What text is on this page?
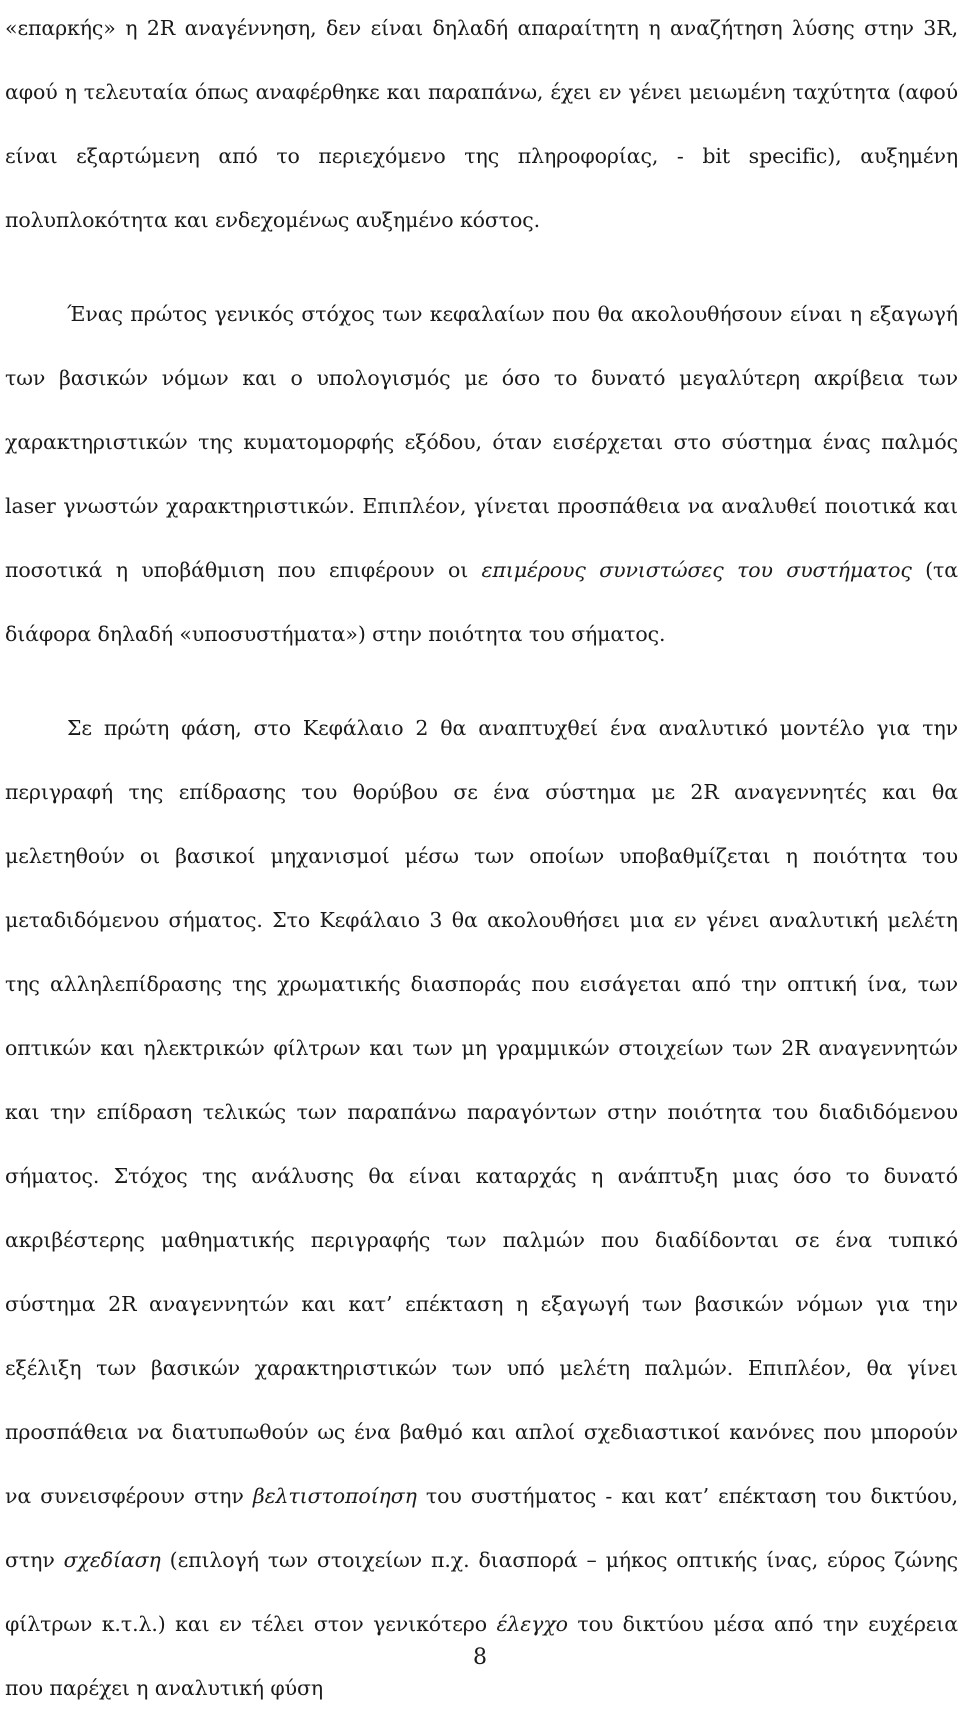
«επαρκής» η 2R αναγέννηση, δεν είναι δηλαδή απαραίτητη η αναζήτηση λύσης στην 3R, αφού η τελευταία όπως αναφέρθηκε και παραπάνω, έχει εν γένει μειωμένη ταχύτητα (αφού είναι εξαρτώμενη από το περιεχόμενο της πληροφορίας, - bit specific), αυξημένη πολυπλοκότητα και ενδεχομένως αυξημένο κόστος.

Ένας πρώτος γενικός στόχος των κεφαλαίων που θα ακολουθήσουν είναι η εξαγωγή των βασικών νόμων και ο υπολογισμός με όσο το δυνατό μεγαλύτερη ακρίβεια των χαρακτηριστικών της κυματομορφής εξόδου, όταν εισέρχεται στο σύστημα ένας παλμός laser γνωστών χαρακτηριστικών. Επιπλέον, γίνεται προσπάθεια να αναλυθεί ποιοτικά και ποσοτικά η υποβάθμιση που επιφέρουν οι επιμέρους συνιστώσες του συστήματος (τα διάφορα δηλαδή «υποσυστήματα») στην ποιότητα του σήματος.

Σε πρώτη φάση, στο Κεφάλαιο 2 θα αναπτυχθεί ένα αναλυτικό μοντέλο για την περιγραφή της επίδρασης του θορύβου σε ένα σύστημα με 2R αναγεννητές και θα μελετηθούν οι βασικοί μηχανισμοί μέσω των οποίων υποβαθμίζεται η ποιότητα του μεταδιδόμενου σήματος. Στο Κεφάλαιο 3 θα ακολουθήσει μια εν γένει αναλυτική μελέτη της αλληλεπίδρασης της χρωματικής διασποράς που εισάγεται από την οπτική ίνα, των οπτικών και ηλεκτρικών φίλτρων και των μη γραμμικών στοιχείων των 2R αναγεννητών και την επίδραση τελικώς των παραπάνω παραγόντων στην ποιότητα του διαδιδόμενου σήματος. Στόχος της ανάλυσης θα είναι καταρχάς η ανάπτυξη μιας όσο το δυνατό ακριβέστερης μαθηματικής περιγραφής των παλμών που διαδίδονται σε ένα τυπικό σύστημα 2R αναγεννητών και κατ’ επέκταση η εξαγωγή των βασικών νόμων για την εξέλιξη των βασικών χαρακτηριστικών των υπό μελέτη παλμών. Επιπλέον, θα γίνει προσπάθεια να διατυπωθούν ως ένα βαθμό και απλοί σχεδιαστικοί κανόνες που μπορούν να συνεισφέρουν στην βελτιστοποίηση του συστήματος - και κατ’ επέκταση του δικτύου, στην σχεδίαση (επιλογή των στοιχείων π.χ. διασπορά – μήκος οπτικής ίνας, εύρος ζώνης φίλτρων κ.τ.λ.) και εν τέλει στον γενικότερο έλεγχο του δικτύου μέσα από την ευχέρεια που παρέχει η αναλυτική φύση

8
